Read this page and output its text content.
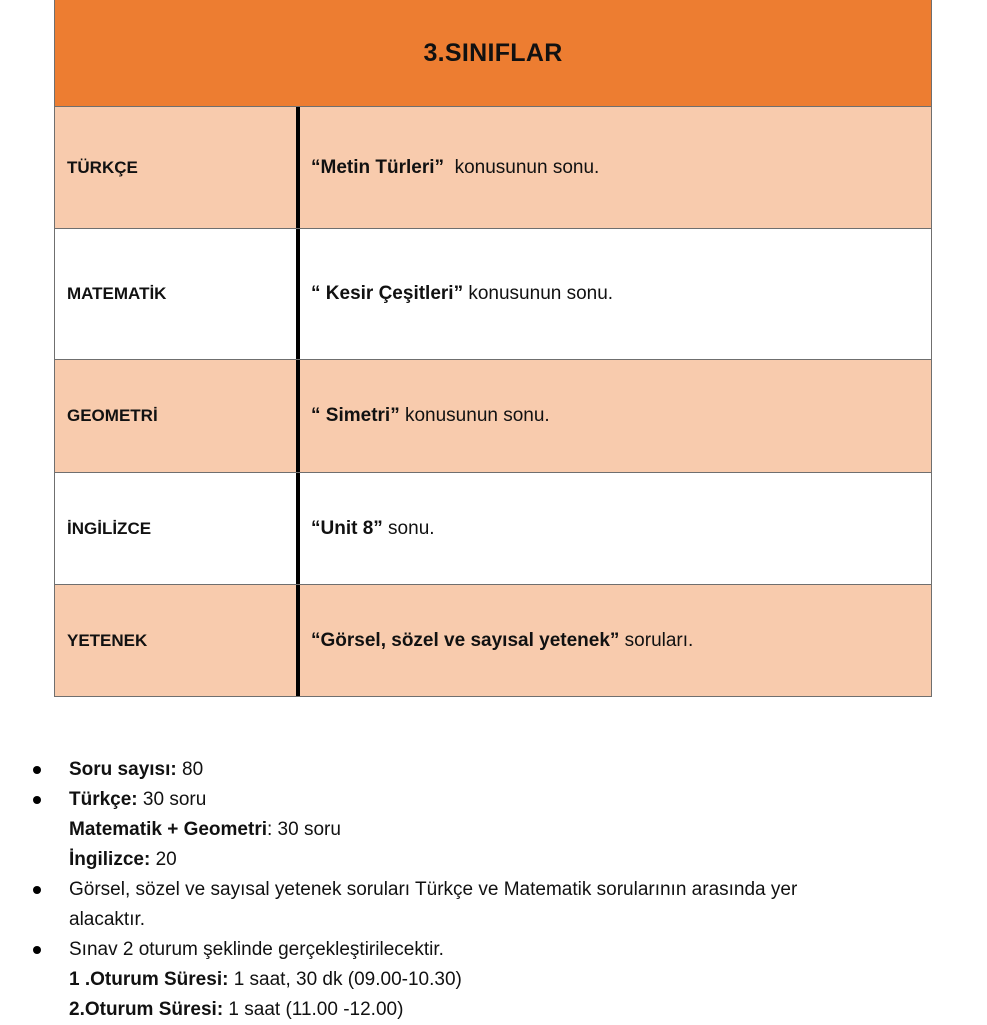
3.SINIFLAR
TÜRKÇE	“Metin Türleri” konusunun sonu.
MATEMATİK	“ Kesir Çeşitleri” konusunun sonu.
GEOMETRİ	“ Simetri” konusunun sonu.
İNGİLİZCE	“Unit 8” sonu.
YETENEK	“Görsel, sözel ve sayısal yetenek” soruları.
Soru sayısı: 80
Türkçe: 30 soru
Matematik + Geometri: 30 soru
İngilizce: 20
Görsel, sözel ve sayısal yetenek soruları Türkçe ve Matematik sorularının arasında yer
alacaktır.
Sınav 2 oturum şeklinde gerçekleştirilecektir.
1 .Oturum Süresi: 1 saat, 30 dk (09.00-10.30)
2.Oturum Süresi: 1 saat (11.00 -12.00)
